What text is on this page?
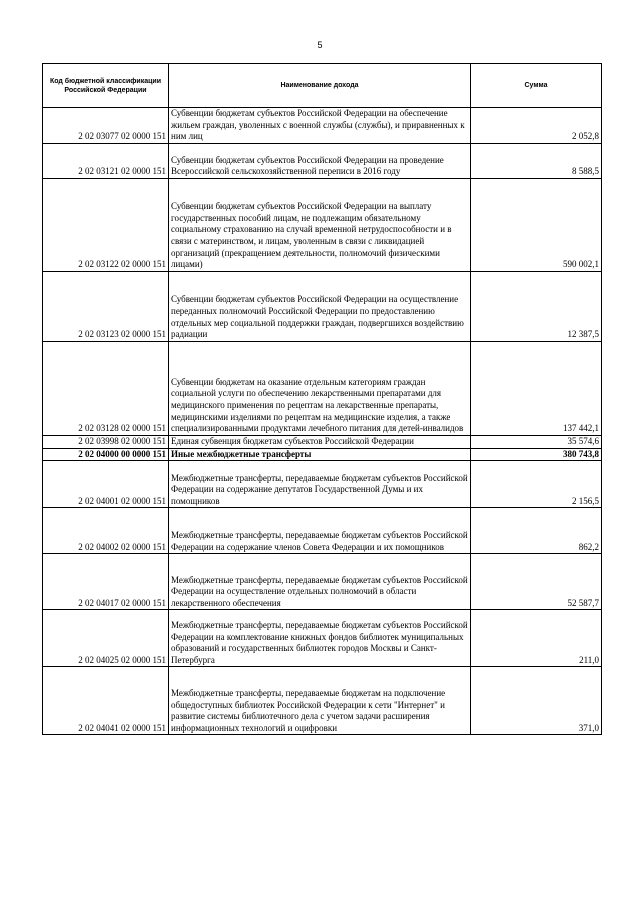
5
Код бюджетной классификации Российской Федерации	Наименование дохода	Сумма
2 02 03077 02 0000 151	Субвенции бюджетам субъектов Российской Федерации на обеспечение жильем граждан, уволенных с военной службы (службы), и приравненных к ним лиц	2 052,8
2 02 03121 02 0000 151	Субвенции бюджетам субъектов Российской Федерации на проведение Всероссийской сельскохозяйственной переписи в 2016 году	8 588,5
2 02 03122 02 0000 151	Субвенции бюджетам субъектов Российской Федерации на выплату государственных пособий лицам, не подлежащим обязательному социальному страхованию на случай временной нетрудоспособности и в связи с материнством, и лицам, уволенным в связи с ликвидацией организаций (прекращением деятельности, полномочий физическими лицами)	590 002,1
2 02 03123 02 0000 151	Субвенции бюджетам субъектов Российской Федерации на осуществление переданных полномочий Российской Федерации по предоставлению отдельных мер социальной поддержки граждан, подвергшихся воздействию радиации	12 387,5
2 02 03128 02 0000 151	Субвенции бюджетам на оказание отдельным категориям граждан социальной услуги по обеспечению лекарственными препаратами для медицинского применения по рецептам на лекарственные препараты, медицинскими изделиями по рецептам на медицинские изделия, а также специализированными продуктами лечебного питания для детей-инвалидов	137 442,1
2 02 03998 02 0000 151	Единая субвенция бюджетам субъектов Российской Федерации	35 574,6
2 02 04000 00 0000 151	Иные межбюджетные трансферты	380 743,8
2 02 04001 02 0000 151	Межбюджетные трансферты, передаваемые бюджетам субъектов Российской Федерации на содержание депутатов Государственной Думы и их помощников	2 156,5
2 02 04002 02 0000 151	Межбюджетные трансферты, передаваемые бюджетам субъектов Российской Федерации на содержание членов Совета Федерации и их помощников	862,2
2 02 04017 02 0000 151	Межбюджетные трансферты, передаваемые бюджетам субъектов Российской Федерации на осуществление отдельных полномочий в области лекарственного обеспечения	52 587,7
2 02 04025 02 0000 151	Межбюджетные трансферты, передаваемые бюджетам субъектов Российской Федерации на комплектование книжных фондов библиотек муниципальных образований и государственных библиотек городов Москвы и Санкт-Петербурга	211,0
2 02 04041 02 0000 151	Межбюджетные трансферты, передаваемые бюджетам на подключение общедоступных библиотек Российской Федерации к сети "Интернет" и развитие системы библиотечного дела с учетом задачи расширения информационных технологий и оцифровки	371,0
